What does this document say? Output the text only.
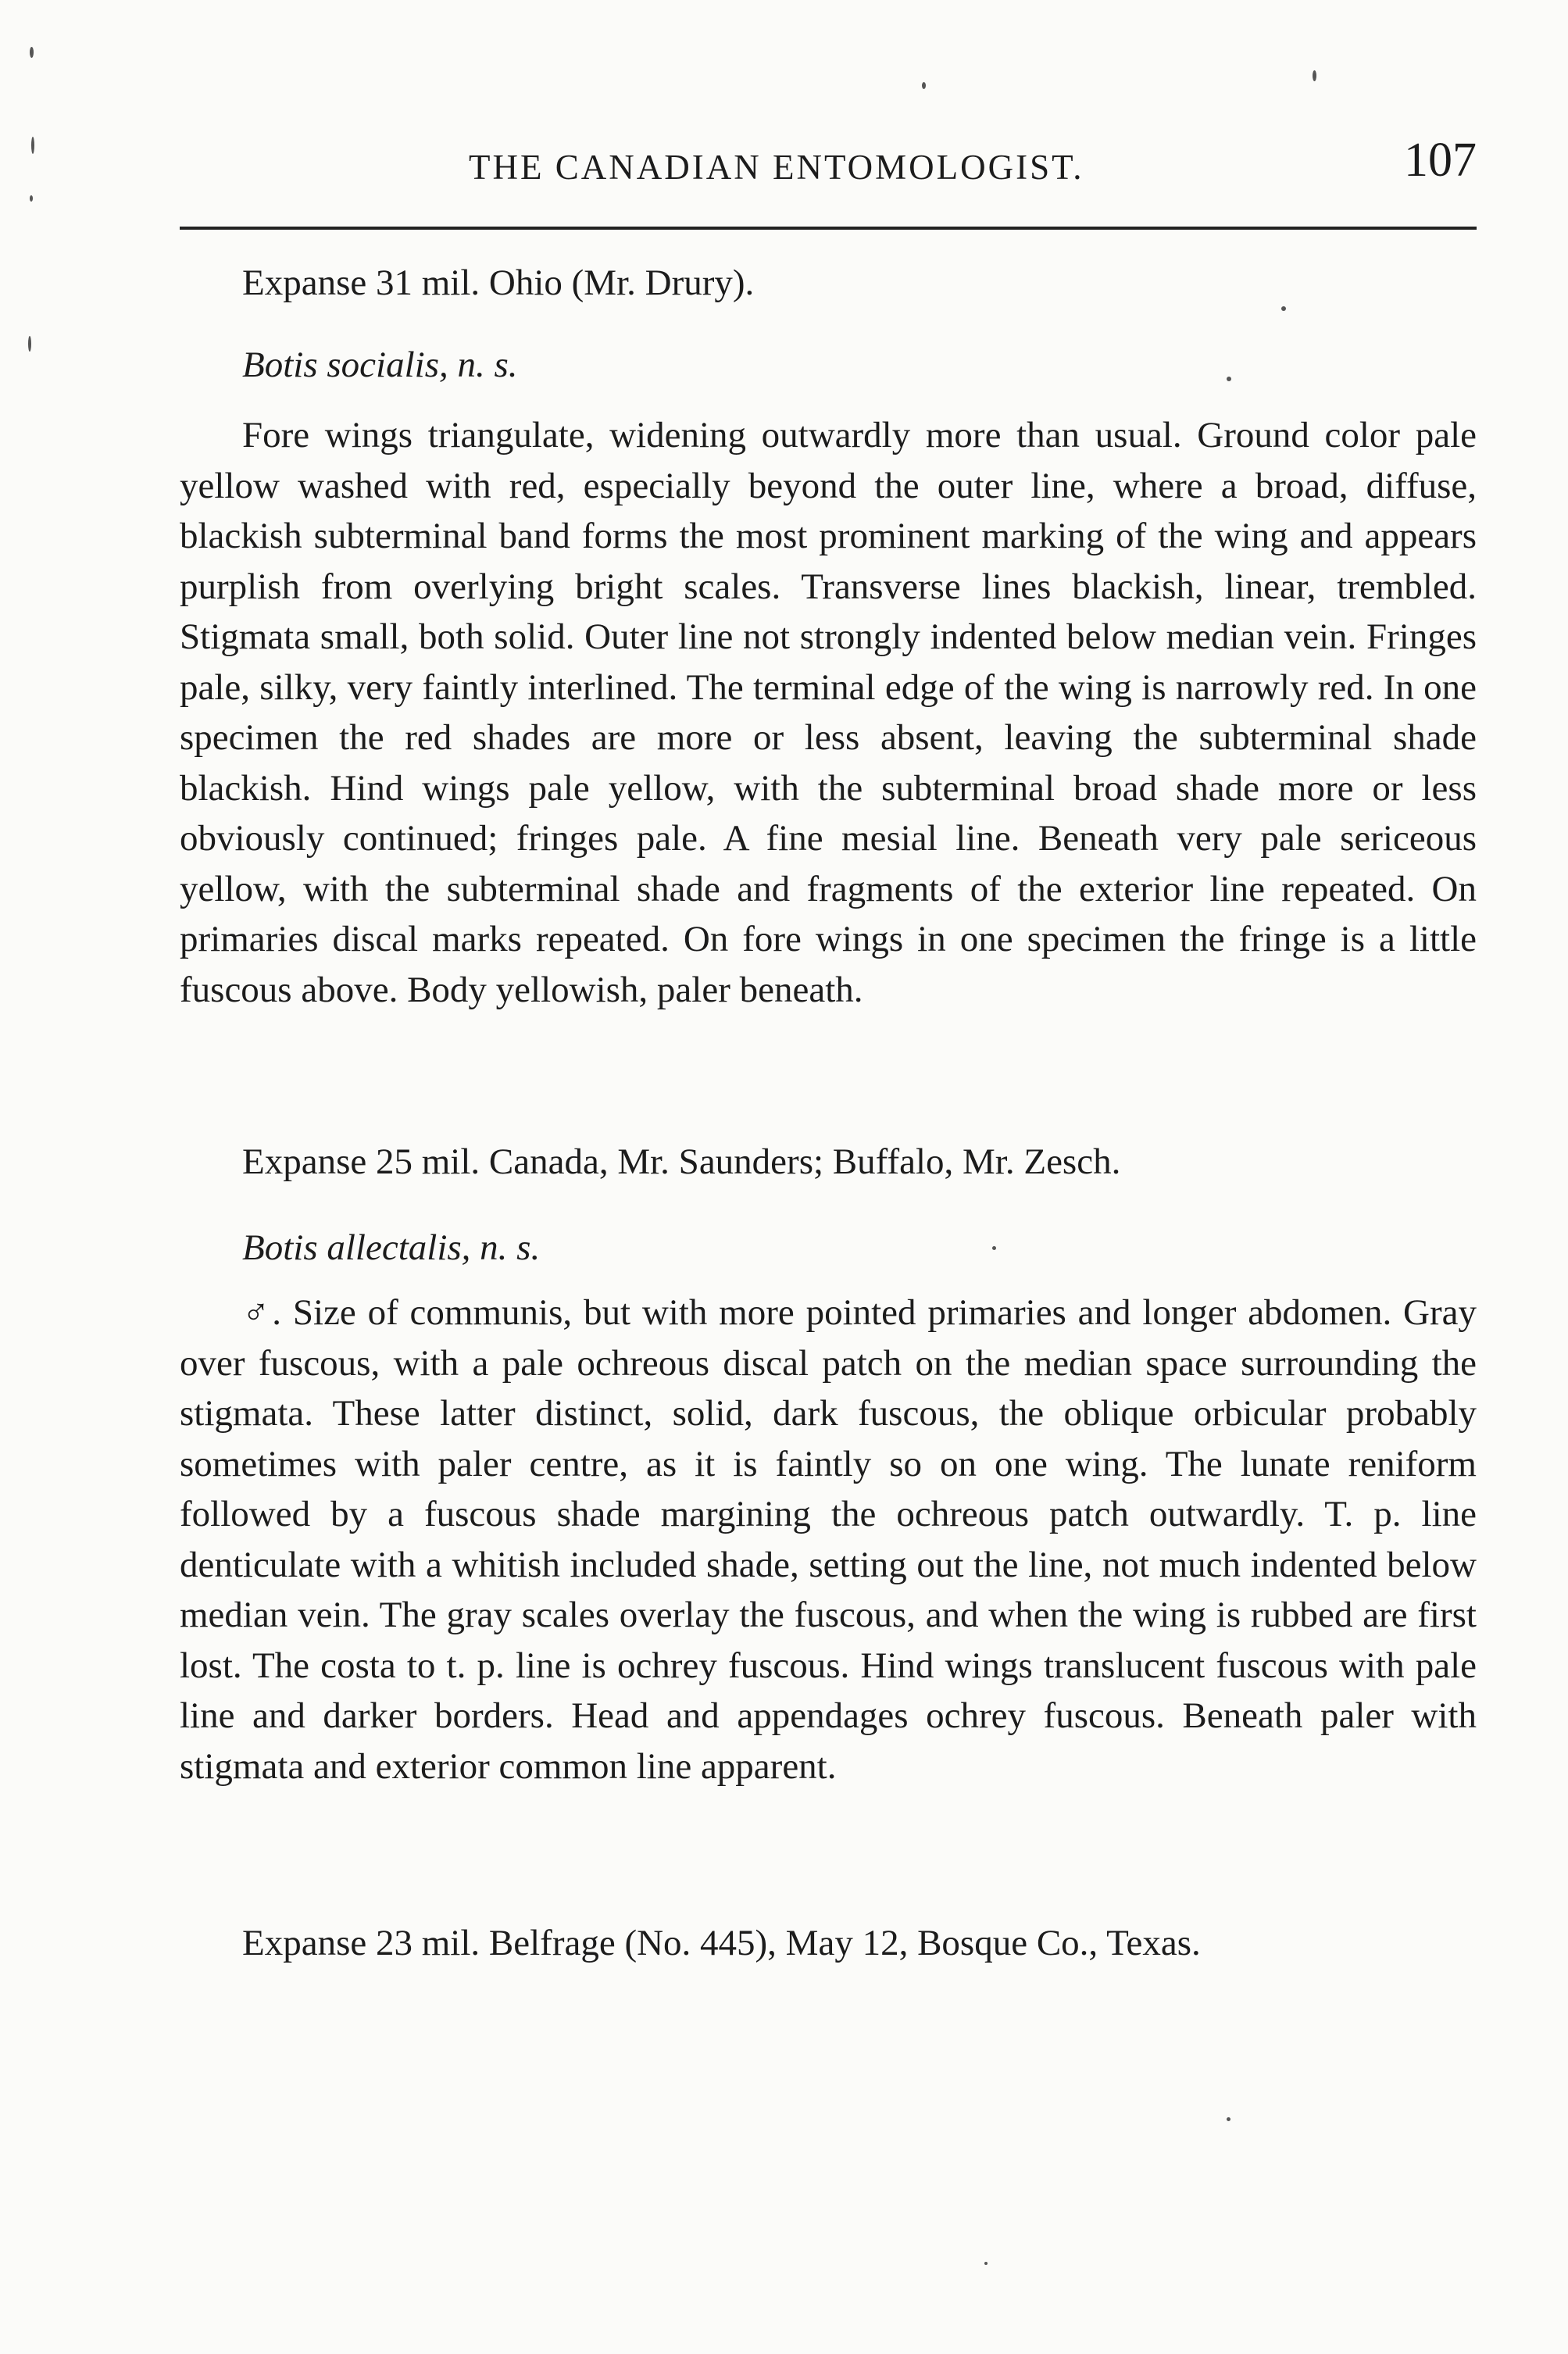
THE CANADIAN ENTOMOLOGIST.	107
Expanse 31 mil. Ohio (Mr. Drury).
Botis socialis, n. s.

Fore wings triangulate, widening outwardly more than usual. Ground color pale yellow washed with red, especially beyond the outer line, where a broad, diffuse, blackish subterminal band forms the most prominent marking of the wing and appears purplish from overlying bright scales. Transverse lines blackish, linear, trembled. Stigmata small, both solid. Outer line not strongly indented below median vein. Fringes pale, silky, very faintly interlined. The terminal edge of the wing is narrowly red. In one specimen the red shades are more or less absent, leaving the subterminal shade blackish. Hind wings pale yellow, with the subterminal broad shade more or less obviously continued; fringes pale. A fine mesial line. Beneath very pale sericeous yellow, with the subterminal shade and fragments of the exterior line repeated. On primaries discal marks repeated. On fore wings in one specimen the fringe is a little fuscous above. Body yellowish, paler beneath.

Expanse 25 mil. Canada, Mr. Saunders; Buffalo, Mr. Zesch.
Botis allectalis, n. s.

♂. Size of communis, but with more pointed primaries and longer abdomen. Gray over fuscous, with a pale ochreous discal patch on the median space surrounding the stigmata. These latter distinct, solid, dark fuscous, the oblique orbicular probably sometimes with paler centre, as it is faintly so on one wing. The lunate reniform followed by a fuscous shade margining the ochreous patch outwardly. T. p. line denticulate with a whitish included shade, setting out the line, not much indented below median vein. The gray scales overlay the fuscous, and when the wing is rubbed are first lost. The costa to t. p. line is ochrey fuscous. Hind wings translucent fuscous with pale line and darker borders. Head and appendages ochrey fuscous. Beneath paler with stigmata and exterior common line apparent.

Expanse 23 mil. Belfrage (No. 445), May 12, Bosque Co., Texas.
